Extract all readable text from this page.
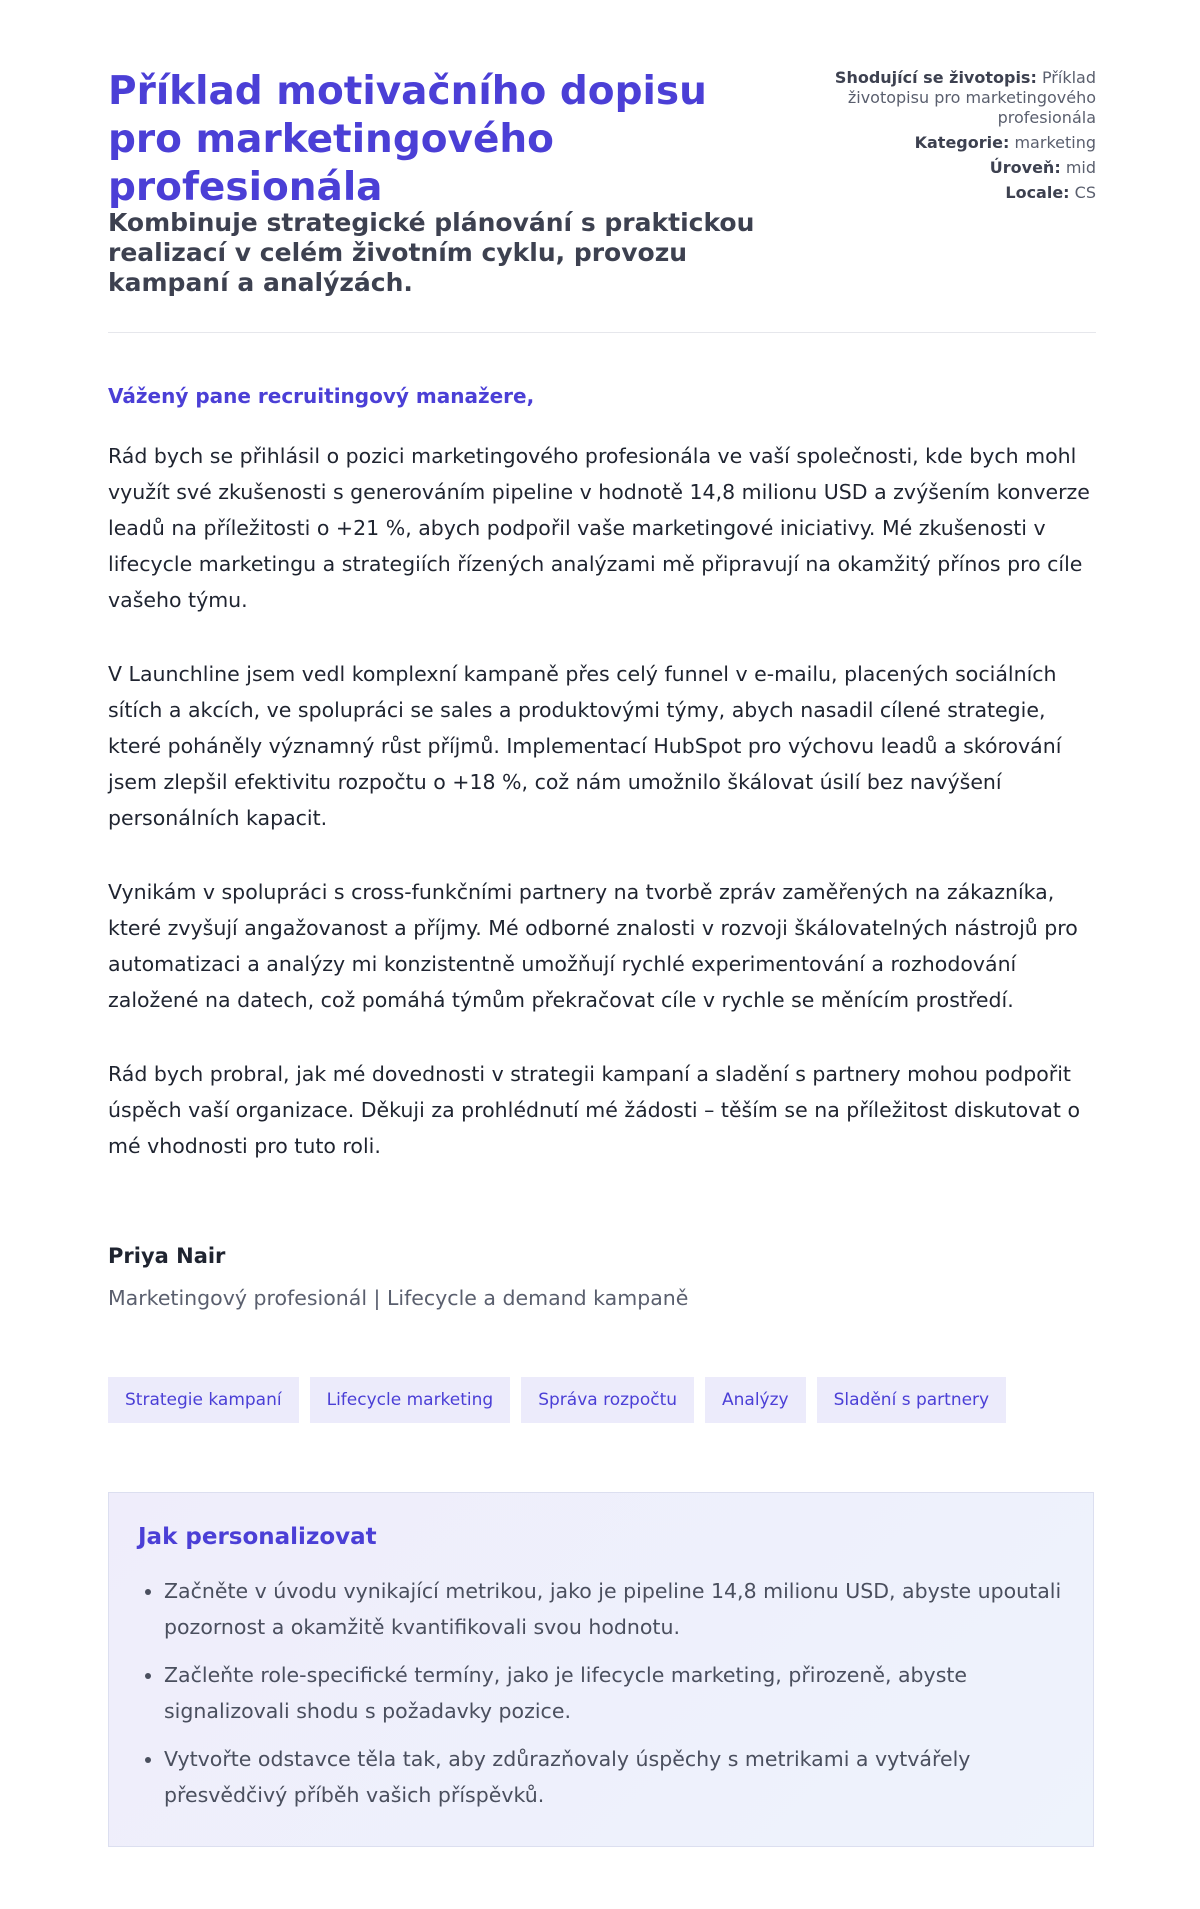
Příklad motivačního dopisu pro marketingového profesionála
Kombinuje strategické plánování s praktickou realizací v celém životním cyklu, provozu kampaní a analýzách.
Shodující se životopis: Příklad životopisu pro marketingového profesionála
Kategorie: marketing
Úroveň: mid
Locale: CS

Vážený pane recruitingový manažere,

Rád bych se přihlásil o pozici marketingového profesionála ve vaší společnosti, kde bych mohl využít své zkušenosti s generováním pipeline v hodnotě 14,8 milionu USD a zvýšením konverze leadů na příležitosti o +21 %, abych podpořil vaše marketingové iniciativy. Mé zkušenosti v lifecycle marketingu a strategiích řízených analýzami mě připravují na okamžitý přínos pro cíle vašeho týmu.

V Launchline jsem vedl komplexní kampaně přes celý funnel v e-mailu, placených sociálních sítích a akcích, ve spolupráci se sales a produktovými týmy, abych nasadil cílené strategie, které poháněly významný růst příjmů. Implementací HubSpot pro výchovu leadů a skórování jsem zlepšil efektivitu rozpočtu o +18 %, což nám umožnilo škálovat úsilí bez navýšení personálních kapacit.

Vynikám v spolupráci s cross-funkčními partnery na tvorbě zpráv zaměřených na zákazníka, které zvyšují angažovanost a příjmy. Mé odborné znalosti v rozvoji škálovatelných nástrojů pro automatizaci a analýzy mi konzistentně umožňují rychlé experimentování a rozhodování založené na datech, což pomáhá týmům překračovat cíle v rychle se měnícím prostředí.

Rád bych probral, jak mé dovednosti v strategii kampaní a sladění s partnery mohou podpořit úspěch vaší organizace. Děkuji za prohlédnutí mé žádosti – těším se na příležitost diskutovat o mé vhodnosti pro tuto roli.

Priya Nair

Marketingový profesionál | Lifecycle a demand kampaně

Strategie kampaní	Lifecycle marketing	Správa rozpočtu	Analýzy	Sladění s partnery
Jak personalizovat
• Začněte v úvodu vynikající metrikou, jako je pipeline 14,8 milionu USD, abyste upoutali pozornost a okamžitě kvantifikovali svou hodnotu.
• Začleňte role-specifické termíny, jako je lifecycle marketing, přirozeně, abyste signalizovali shodu s požadavky pozice.
• Vytvořte odstavce těla tak, aby zdůrazňovaly úspěchy s metrikami a vytvářely přesvědčivý příběh vašich příspěvků.
